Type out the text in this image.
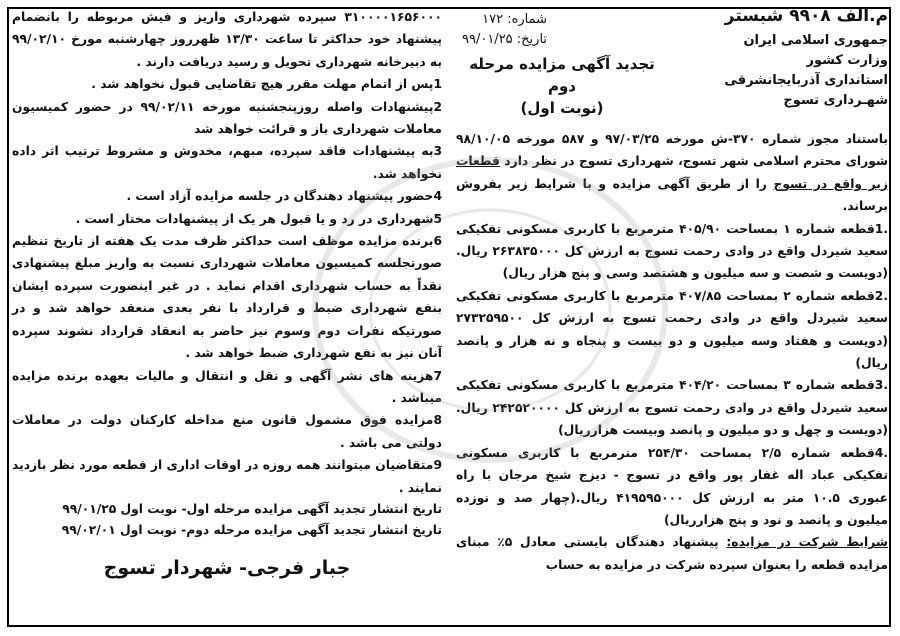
م.الف ۹۹۰۸ شبستر
شماره: ۱۷۲
تاریخ: ۹۹/۰۱/۲۵
تجدید آگهی مزایده مرحله دوم
(نوبت اول)
جمهوری اسلامی ایران
وزارت کشور
استانداری آذربایجانشرقی
شهـرداری تسوج

باستناد مجوز شماره ۳۷۰-ش مورخه ۹۷/۰۳/۲۵ و ۵۸۷ مورخه ۹۸/۱۰/۰۵ شورای محترم اسلامی شهر تسوج، شهرداری تسوج در نظر دارد قطعات زیر واقع در تسوج را از طریق آگهی مزایده و با شرایط زیر بفروش برساند.

.1قطعه شماره ۱ بمساحت ۴۰۵/۹۰ مترمربع با کاربری مسکونی تفکیکی سعید شیردل واقع در وادی رحمت تسوج به ارزش کل ۲۶۳۸۳۵۰۰۰ ریال.(دویست و شصت و سه میلیون و هشتصد وسی و پنج هزار ریال)

.2قطعه شماره ۲ بمساحت ۴۰۷/۸۵ مترمربع با کاربری مسکونی تفکیکی سعید شیردل واقع در وادی رحمت تسوج به ارزش کل ۲۷۳۲۵۹۵۰۰ (دویست و هفتاد وسه میلیون و دو بیست و پنجاه و نه هزار و پانصد ریال)

.3قطعه شماره ۳ بمساحت ۴۰۴/۲۰ مترمربع با کاربری مسکونی تفکیکی سعید شیردل واقع در وادی رحمت تسوج به ارزش کل ۲۴۲۵۲۰۰۰۰ ریال.(دویست و چهل و دو میلیون و پانصد وبیست هزارریال)

.4قطعه شماره ۲/۵ بمساحت ۲۵۴/۳۰ مترمربع با کاربری مسکونی تفکیکی عباد اله غفار پور واقع در تسوج - دیزج شیخ مرجان با راه عبوری ۱۰.۵ متر به ارزش کل ۴۱۹۵۹۵۰۰۰ ریال.(چهار صد و نوزده میلیون و پانصد و نود و پنج هزارریال)

شرایط شرکت در مزایده: پیشنهاد دهندگان بایستی معادل ۵٪ مبنای مزایده قطعه را بعنوان سپرده شرکت در مزایده به حساب

۳۱۰۰۰۰۱۶۵۶۰۰۰ سپرده شهرداری واریز و فیش مربوطه را بانضمام پیشنهاد خود حداکثر تا ساعت ۱۳/۳۰ ظهرروز چهارشنبه مورخ ۹۹/۰۲/۱۰ به دبیرخانه شهرداری تحویل و رسید دریافت دارند .

1پس از اتمام مهلت مقرر هیچ تقاضایی قبول نخواهد شد .

2پیشنهادات واصله روزپنجشنبه مورخه ۹۹/۰۲/۱۱ در حضور کمیسیون معاملات شهرداری باز و قرائت خواهد شد

3به پیشنهادات فاقد سپرده، مبهم، مخدوش و مشروط ترتیب اثر داده نخواهد شد.

4حضور پیشنهاد دهندگان در جلسه مزایده آزاد است .

5شهرداری در رد و یا قبول هر یک از پیشنهادات مختار است .

6برنده مزایده موظف است حداکثر ظرف مدت یک هفته از تاریخ تنظیم صورتجلسه کمیسیون معاملات شهرداری نسبت به واریز مبلغ پیشنهادی نقداً به حساب شهرداری اقدام نماید . در غیر اینصورت سپرده ایشان بنفع شهرداری ضبط و قرارداد با نفر بعدی منعقد خواهد شد و در صورتیکه نفرات دوم وسوم نیز حاضر به انعقاد قرارداد نشوند سپرده آنان نیز به نفع شهرداری ضبط خواهد شد .

7هزینه های نشر آگهی و نقل و انتقال و مالیات بعهده برنده مزایده میباشد .

8مزایده فوق مشمول قانون منع مداخله کارکنان دولت در معاملات دولتی می باشد .

9متقاضیان میتوانند همه روزه در اوقات اداری از قطعه مورد نظر بازدید نمایند .

تاریخ انتشار تجدید آگهی مزایده مرحله اول- نوبت اول ۹۹/۰۱/۲۵

تاریخ انتشار تجدید آگهی مزایده مرحله دوم- نوبت اول ۹۹/۰۲/۰۱

جبار فرجی- شهردار تسوج
